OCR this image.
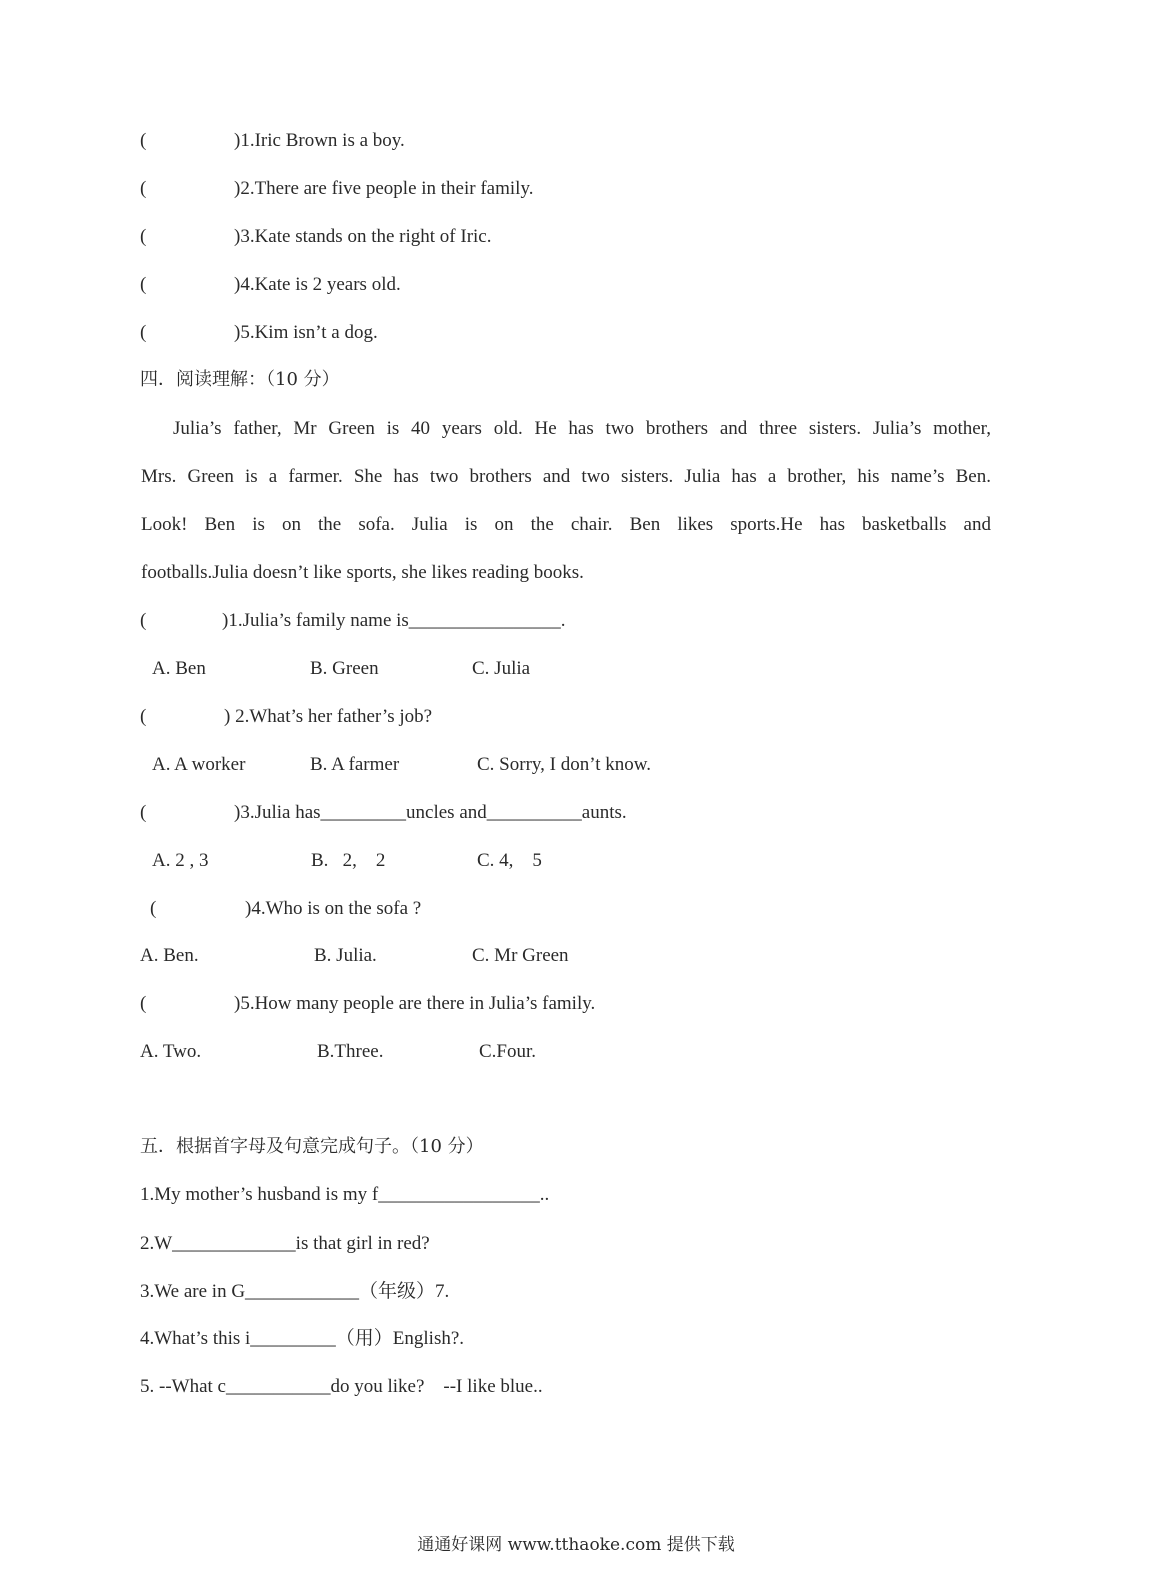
(	)1.Iric Brown is a boy.
(	)2.There are five people in their family.
(	)3.Kate stands on the right of Iric.
(	)4.Kate is 2 years old.
(	)5.Kim isn’t a dog.
四．阅读理解：（10 分）
Julia’s father, Mr Green is 40 years old. He has two brothers and three sisters. Julia’s mother,
Mrs. Green is a farmer. She has two brothers and two sisters. Julia has a brother, his name’s Ben.
Look! Ben is on the sofa. Julia is on the chair. Ben likes sports.He has basketballs and
footballs.Julia doesn’t like sports, she likes reading books.
(	)1.Julia’s family name is________________.
A. Ben	B. Green	C. Julia
(	) 2.What’s her father’s job?
A. A worker	B. A farmer	C. Sorry, I don’t know.
(	)3.Julia has_________uncles and__________aunts.
A. 2 , 3	B.   2,    2	C. 4,    5
(	)4.Who is on the sofa ?
A. Ben.	B. Julia.	C. Mr Green
(	)5.How many people are there in Julia’s family.
A. Two.	B.Three.	C.Four.
五．根据首字母及句意完成句子。（10 分）
1.My mother’s husband is my f_________________..
2.W_____________is that girl in red?
3.We are in G____________（年级）7.
4.What’s this i_________（用）English?.
5. --What c___________do you like?    --I like blue..
通通好课网 www.tthaoke.com 提供下载
